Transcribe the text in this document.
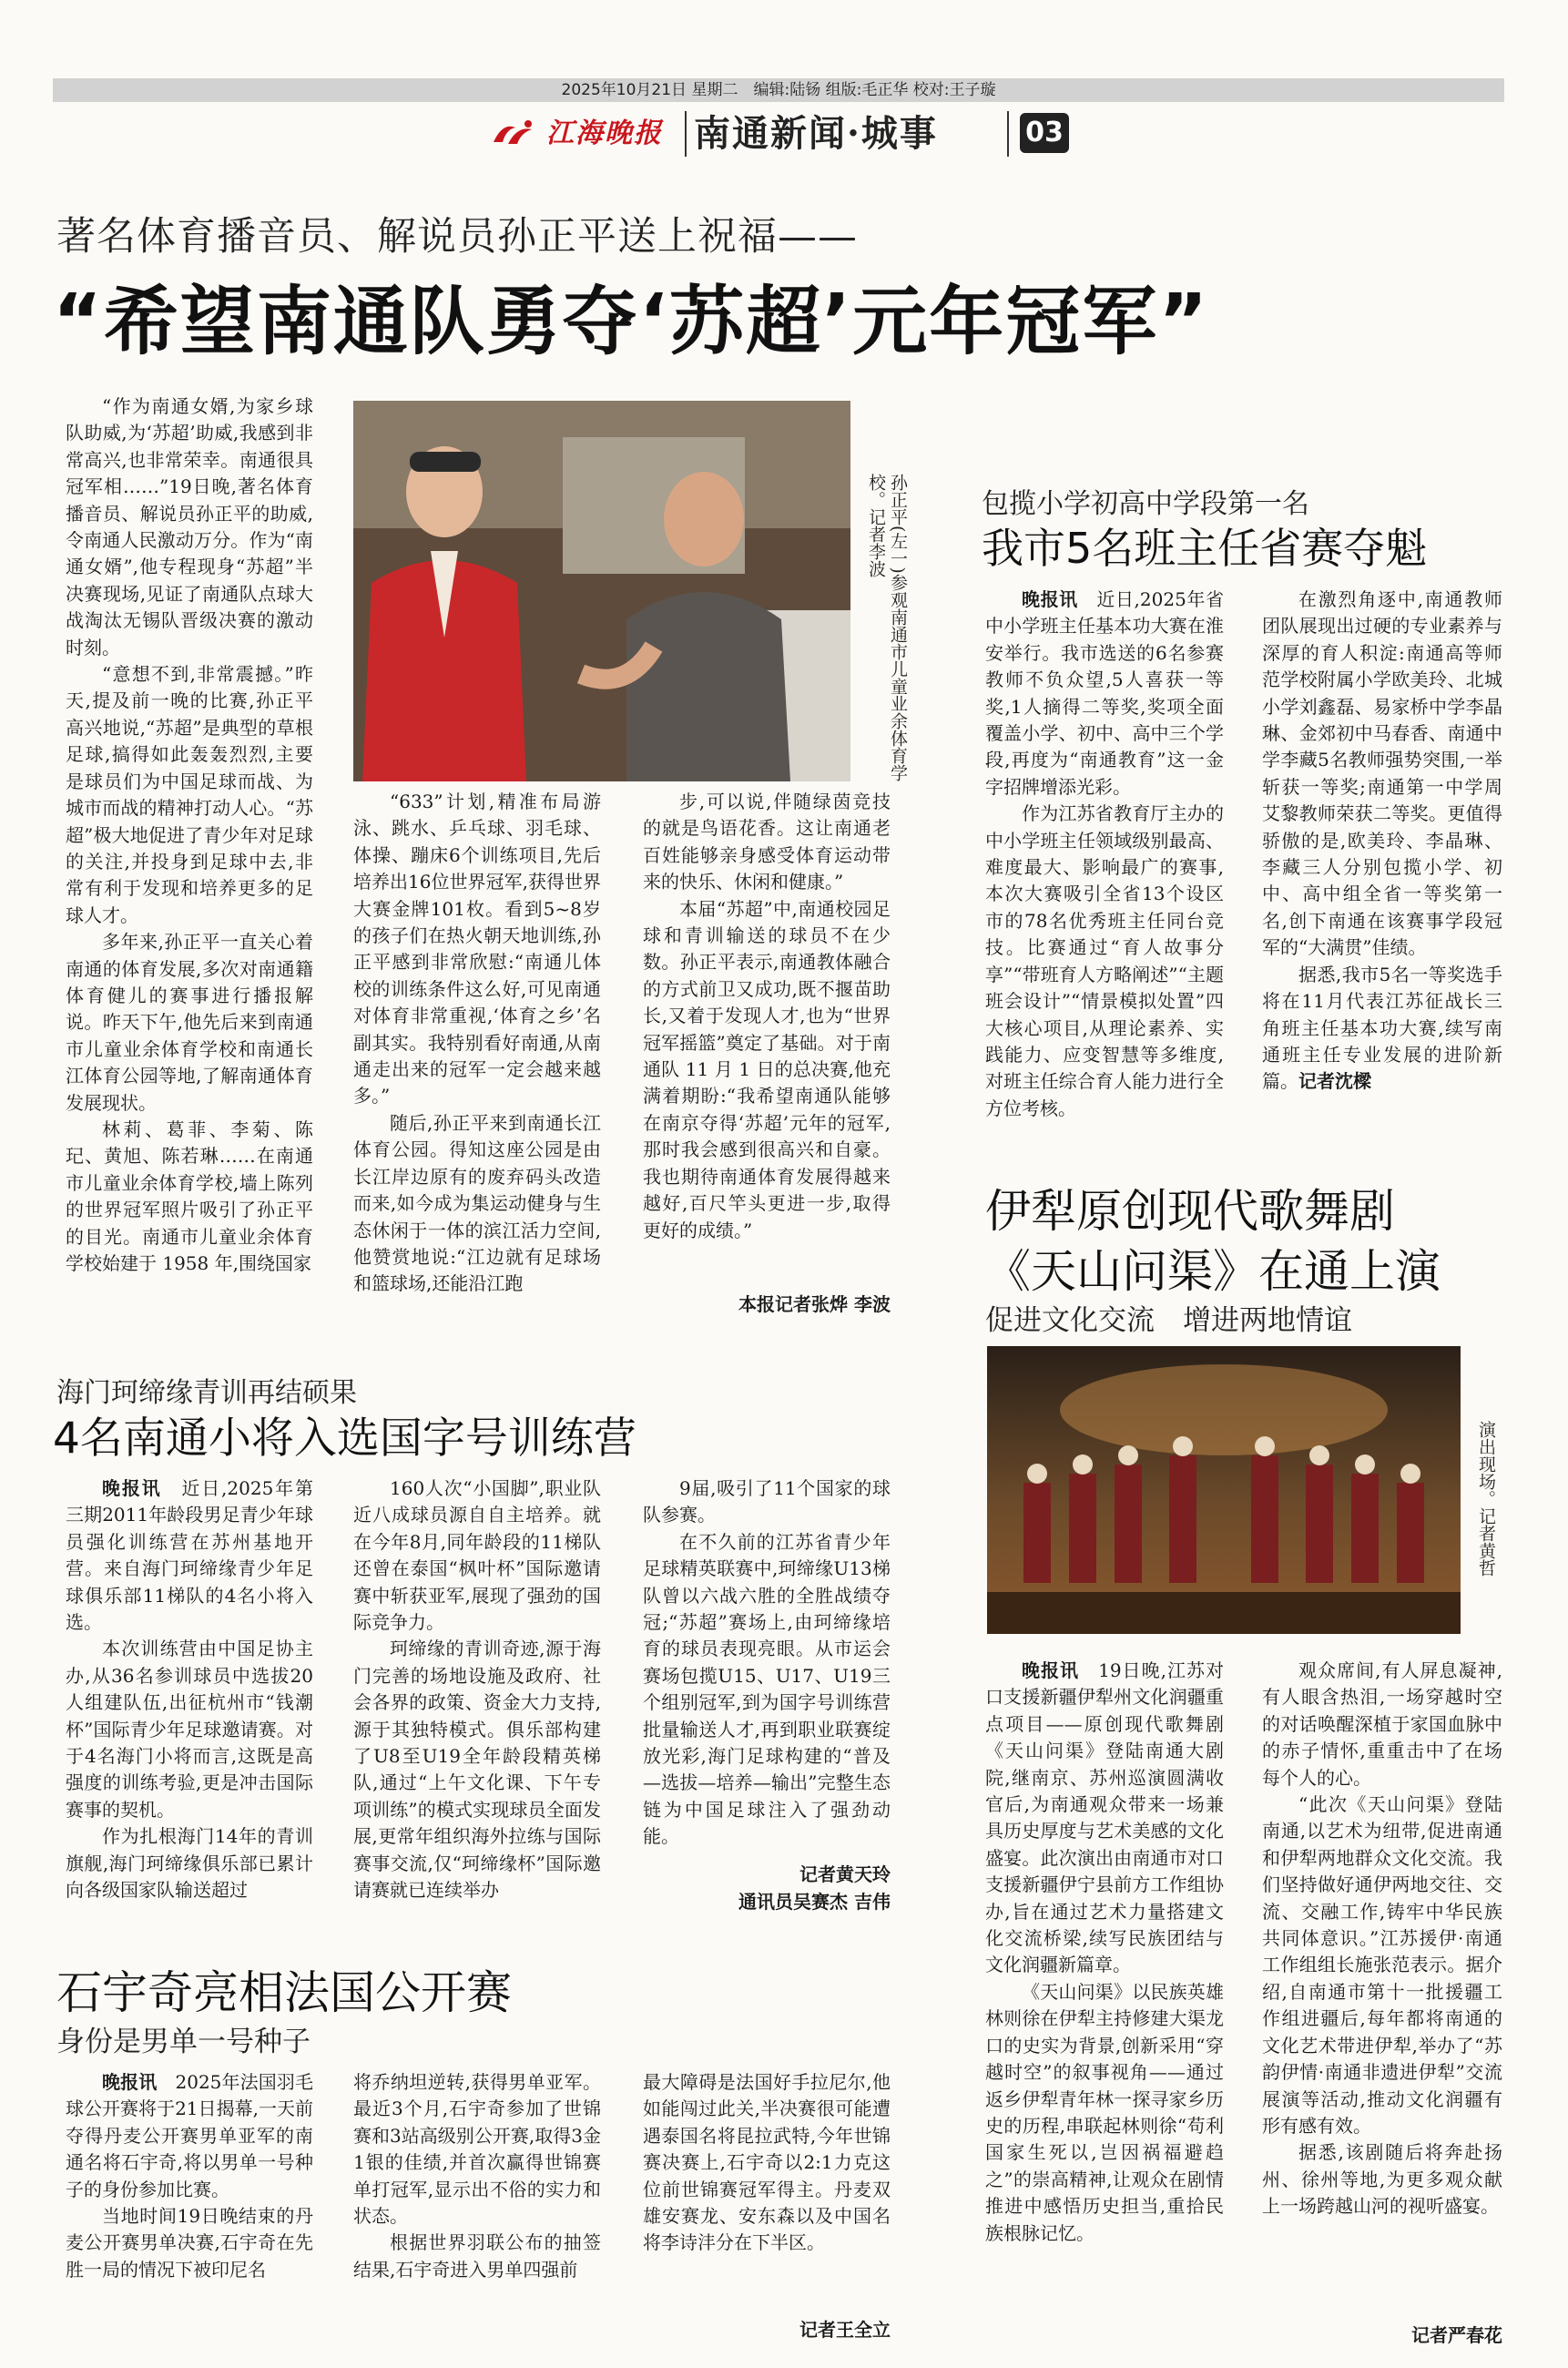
2025年10月21日 星期二　编辑:陆钖 组版:毛正华 校对:王子璇
江海晚报 南通新闻·城事	03
著名体育播音员、解说员孙正平送上祝福——
“希望南通队勇夺‘苏超’元年冠军”

“作为南通女婿,为家乡球队助威,为‘苏超’助威,我感到非常高兴,也非常荣幸。南通很具冠军相……”19日晚,著名体育播音员、解说员孙正平的助威,令南通人民激动万分。作为“南通女婿”,他专程现身“苏超”半决赛现场,见证了南通队点球大战淘汰无锡队晋级决赛的激动时刻。

“意想不到,非常震撼。”昨天,提及前一晚的比赛,孙正平高兴地说,“苏超”是典型的草根足球,搞得如此轰轰烈烈,主要是球员们为中国足球而战、为城市而战的精神打动人心。“苏超”极大地促进了青少年对足球的关注,并投身到足球中去,非常有利于发现和培养更多的足球人才。

多年来,孙正平一直关心着南通的体育发展,多次对南通籍体育健儿的赛事进行播报解说。昨天下午,他先后来到南通市儿童业余体育学校和南通长江体育公园等地,了解南通体育发展现状。

林莉、葛菲、李菊、陈玘、黄旭、陈若琳……在南通市儿童业余体育学校,墙上陈列的世界冠军照片吸引了孙正平的目光。南通市儿童业余体育学校始建于 1958 年,围绕国家

孙正平(左一)参观南通市儿童业余体育学校。记者李波

“633”计划,精准布局游泳、跳水、乒乓球、羽毛球、体操、蹦床6个训练项目,先后培养出16位世界冠军,获得世界大赛金牌101枚。看到5~8岁的孩子们在热火朝天地训练,孙正平感到非常欣慰:“南通儿体校的训练条件这么好,可见南通对体育非常重视,‘体育之乡’名副其实。我特别看好南通,从南通走出来的冠军一定会越来越多。”

随后,孙正平来到南通长江体育公园。得知这座公园是由长江岸边原有的废弃码头改造而来,如今成为集运动健身与生态休闲于一体的滨江活力空间,他赞赏地说:“江边就有足球场和篮球场,还能沿江跑

步,可以说,伴随绿茵竞技的就是鸟语花香。这让南通老百姓能够亲身感受体育运动带来的快乐、休闲和健康。”

本届“苏超”中,南通校园足球和青训输送的球员不在少数。孙正平表示,南通教体融合的方式前卫又成功,既不揠苗助长,又着于发现人才,也为“世界冠军摇篮”奠定了基础。对于南通队 11 月 1 日的总决赛,他充满着期盼:“我希望南通队能够在南京夺得‘苏超’元年的冠军,那时我会感到很高兴和自豪。我也期待南通体育发展得越来越好,百尺竿头更进一步,取得更好的成绩。”

本报记者张烨 李波
包揽小学初高中学段第一名
我市5名班主任省赛夺魁

晚报讯　 近日,2025年省中小学班主任基本功大赛在淮安举行。我市选送的6名参赛教师不负众望,5人喜获一等奖,1人摘得二等奖,奖项全面覆盖小学、初中、高中三个学段,再度为“南通教育”这一金字招牌增添光彩。

作为江苏省教育厅主办的中小学班主任领域级别最高、难度最大、影响最广的赛事,本次大赛吸引全省13个设区市的78名优秀班主任同台竞技。比赛通过“育人故事分享”“带班育人方略阐述”“主题班会设计”“情景模拟处置”四大核心项目,从理论素养、实践能力、应变智慧等多维度,对班主任综合育人能力进行全方位考核。

在激烈角逐中,南通教师团队展现出过硬的专业素养与深厚的育人积淀:南通高等师范学校附属小学欧美玲、北城小学刘鑫磊、易家桥中学李晶琳、金郊初中马春香、南通中学李藏5名教师强势突围,一举斩获一等奖;南通第一中学周艾黎教师荣获二等奖。更值得骄傲的是,欧美玲、李晶琳、李藏三人分别包揽小学、初中、高中组全省一等奖第一名,创下南通在该赛事学段冠军的“大满贯”佳绩。

据悉,我市5名一等奖选手将在11月代表江苏征战长三角班主任基本功大赛,续写南通班主任专业发展的进阶新篇。记者沈樑

伊犁原创现代歌舞剧
《天山问渠》在通上演
促进文化交流　增进两地情谊
演出现场。记者黄哲

晚报讯　 19日晚,江苏对口支援新疆伊犁州文化润疆重点项目——原创现代歌舞剧《天山问渠》登陆南通大剧院,继南京、苏州巡演圆满收官后,为南通观众带来一场兼具历史厚度与艺术美感的文化盛宴。此次演出由南通市对口支援新疆伊宁县前方工作组协办,旨在通过艺术力量搭建文化交流桥梁,续写民族团结与文化润疆新篇章。

《天山问渠》以民族英雄林则徐在伊犁主持修建大渠龙口的史实为背景,创新采用“穿越时空”的叙事视角——通过返乡伊犁青年林一探寻家乡历史的历程,串联起林则徐“苟利国家生死以,岂因祸福避趋之”的崇高精神,让观众在剧情推进中感悟历史担当,重拾民族根脉记忆。

观众席间,有人屏息凝神,有人眼含热泪,一场穿越时空的对话唤醒深植于家国血脉中的赤子情怀,重重击中了在场每个人的心。

“此次《天山问渠》登陆南通,以艺术为纽带,促进南通和伊犁两地群众文化交流。我们坚持做好通伊两地交往、交流、交融工作,铸牢中华民族共同体意识。”江苏援伊·南通工作组组长施张范表示。据介绍,自南通市第十一批援疆工作组进疆后,每年都将南通的文化艺术带进伊犁,举办了“苏韵伊情·南通非遗进伊犁”交流展演等活动,推动文化润疆有形有感有效。

据悉,该剧随后将奔赴扬州、徐州等地,为更多观众献上一场跨越山河的视听盛宴。

记者严春花
海门珂缔缘青训再结硕果
4名南通小将入选国字号训练营

晚报讯　 近日,2025年第三期2011年龄段男足青少年球员强化训练营在苏州基地开营。来自海门珂缔缘青少年足球俱乐部11梯队的4名小将入选。

本次训练营由中国足协主办,从36名参训球员中选拔20人组建队伍,出征杭州市“钱潮杯”国际青少年足球邀请赛。对于4名海门小将而言,这既是高强度的训练考验,更是冲击国际赛事的契机。

作为扎根海门14年的青训旗舰,海门珂缔缘俱乐部已累计向各级国家队输送超过

160人次“小国脚”,职业队近八成球员源自自主培养。就在今年8月,同年龄段的11梯队还曾在泰国“枫叶杯”国际邀请赛中斩获亚军,展现了强劲的国际竞争力。

珂缔缘的青训奇迹,源于海门完善的场地设施及政府、社会各界的政策、资金大力支持,源于其独特模式。俱乐部构建了U8至U19全年龄段精英梯队,通过“上午文化课、下午专项训练”的模式实现球员全面发展,更常年组织海外拉练与国际赛事交流,仅“珂缔缘杯”国际邀请赛就已连续举办

9届,吸引了11个国家的球队参赛。

在不久前的江苏省青少年足球精英联赛中,珂缔缘U13梯队曾以六战六胜的全胜战绩夺冠;“苏超”赛场上,由珂缔缘培育的球员表现亮眼。从市运会赛场包揽U15、U17、U19三个组别冠军,到为国字号训练营批量输送人才,再到职业联赛绽放光彩,海门足球构建的“普及—选拔—培养—输出”完整生态链为中国足球注入了强劲动能。

记者黄天玲
通讯员吴赛杰 吉伟
石宇奇亮相法国公开赛
身份是男单一号种子

晚报讯　 2025年法国羽毛球公开赛将于21日揭幕,一天前夺得丹麦公开赛男单亚军的南通名将石宇奇,将以男单一号种子的身份参加比赛。

当地时间19日晚结束的丹麦公开赛男单决赛,石宇奇在先胜一局的情况下被印尼名

将乔纳坦逆转,获得男单亚军。最近3个月,石宇奇参加了世锦赛和3站高级别公开赛,取得3金1银的佳绩,并首次赢得世锦赛单打冠军,显示出不俗的实力和状态。

根据世界羽联公布的抽签结果,石宇奇进入男单四强前

最大障碍是法国好手拉尼尔,他如能闯过此关,半决赛很可能遭遇泰国名将昆拉武特,今年世锦赛决赛上,石宇奇以2:1力克这位前世锦赛冠军得主。丹麦双雄安赛龙、安东森以及中国名将李诗沣分在下半区。

记者王全立
